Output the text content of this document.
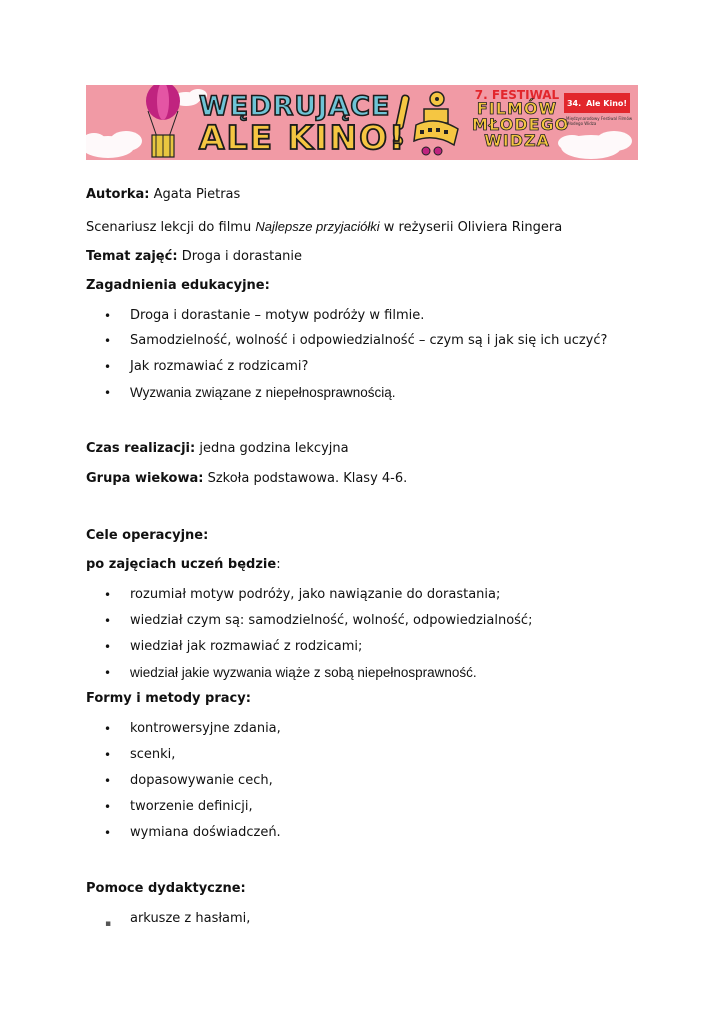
WĘDRUJĄCE
ALE KINO!
7. FESTIWAL
FILMÓW
MŁODEGO
WIDZA
34. Ale Kino!
Międzynarodowy Festiwal Filmów Młodego Widza

Autorka: Agata Pietras

Scenariusz lekcji do filmu Najlepsze przyjaciółki w reżyserii Oliviera Ringera

Temat zajęć: Droga i dorastanie

Zagadnienia edukacyjne:

• Droga i dorastanie – motyw podróży w filmie.
• Samodzielność, wolność i odpowiedzialność – czym są i jak się ich uczyć?
• Jak rozmawiać z rodzicami?
• Wyzwania związane z niepełnosprawnością.

Czas realizacji: jedna godzina lekcyjna

Grupa wiekowa: Szkoła podstawowa. Klasy 4-6.

Cele operacyjne:

po zajęciach uczeń będzie:

• rozumiał motyw podróży, jako nawiązanie do dorastania;
• wiedział czym są: samodzielność, wolność, odpowiedzialność;
• wiedział jak rozmawiać z rodzicami;
• wiedział jakie wyzwania wiąże z sobą niepełnosprawność.

Formy i metody pracy:

• kontrowersyjne zdania,
• scenki,
• dopasowywanie cech,
• tworzenie definicji,
• wymiana doświadczeń.

Pomoce dydaktyczne:

▪ arkusze z hasłami,
